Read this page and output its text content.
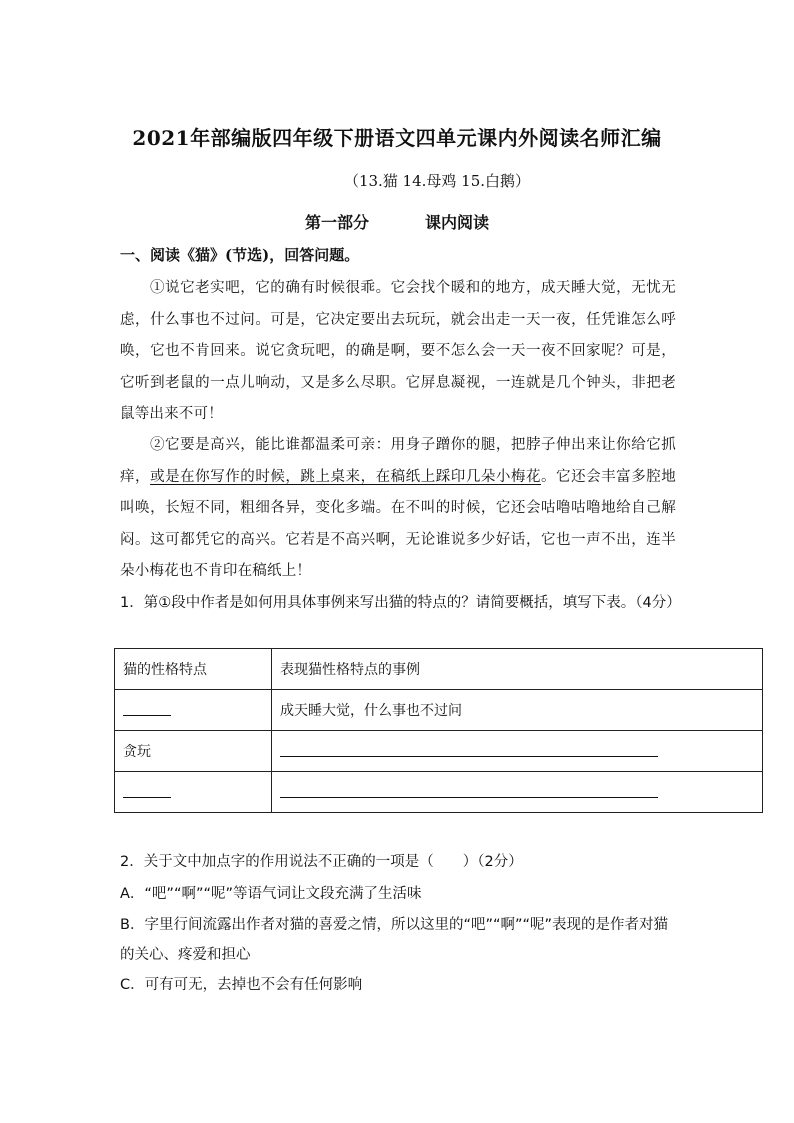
2021年部编版四年级下册语文四单元课内外阅读名师汇编
（13.猫 14.母鸡 15.白鹅）
第一部分	课内阅读
一、阅读《猫》(节选)，回答问题。
①说它老实吧，它的确有时候很乖。它会找个暖和的地方，成天睡大觉，无忧无虑，什么事也不过问。可是，它决定要出去玩玩，就会出走一天一夜，任凭谁怎么呼唤，它也不肯回来。说它贪玩吧，的确是啊，要不怎么会一天一夜不回家呢？可是，它听到老鼠的一点儿响动，又是多么尽职。它屏息凝视，一连就是几个钟头，非把老鼠等出来不可！
②它要是高兴，能比谁都温柔可亲：用身子蹭你的腿，把脖子伸出来让你给它抓痒，或是在你写作的时候，跳上桌来，在稿纸上踩印几朵小梅花。它还会丰富多腔地叫唤，长短不同，粗细各异，变化多端。在不叫的时候，它还会咕噜咕噜地给自己解闷。这可都凭它的高兴。它若是不高兴啊，无论谁说多少好话，它也一声不出，连半朵小梅花也不肯印在稿纸上！
1．第①段中作者是如何用具体事例来写出猫的特点的？请简要概括，填写下表。（4分）
猫的性格特点	表现猫性格特点的事例
	成天睡大觉，什么事也不过问
贪玩	

2．关于文中加点字的作用说法不正确的一项是（　　）（2分）
A．“吧”“啊”“呢”等语气词让文段充满了生活味
B．字里行间流露出作者对猫的喜爱之情，所以这里的“吧”“啊”“呢”表现的是作者对猫的关心、疼爱和担心
C．可有可无，去掉也不会有任何影响
